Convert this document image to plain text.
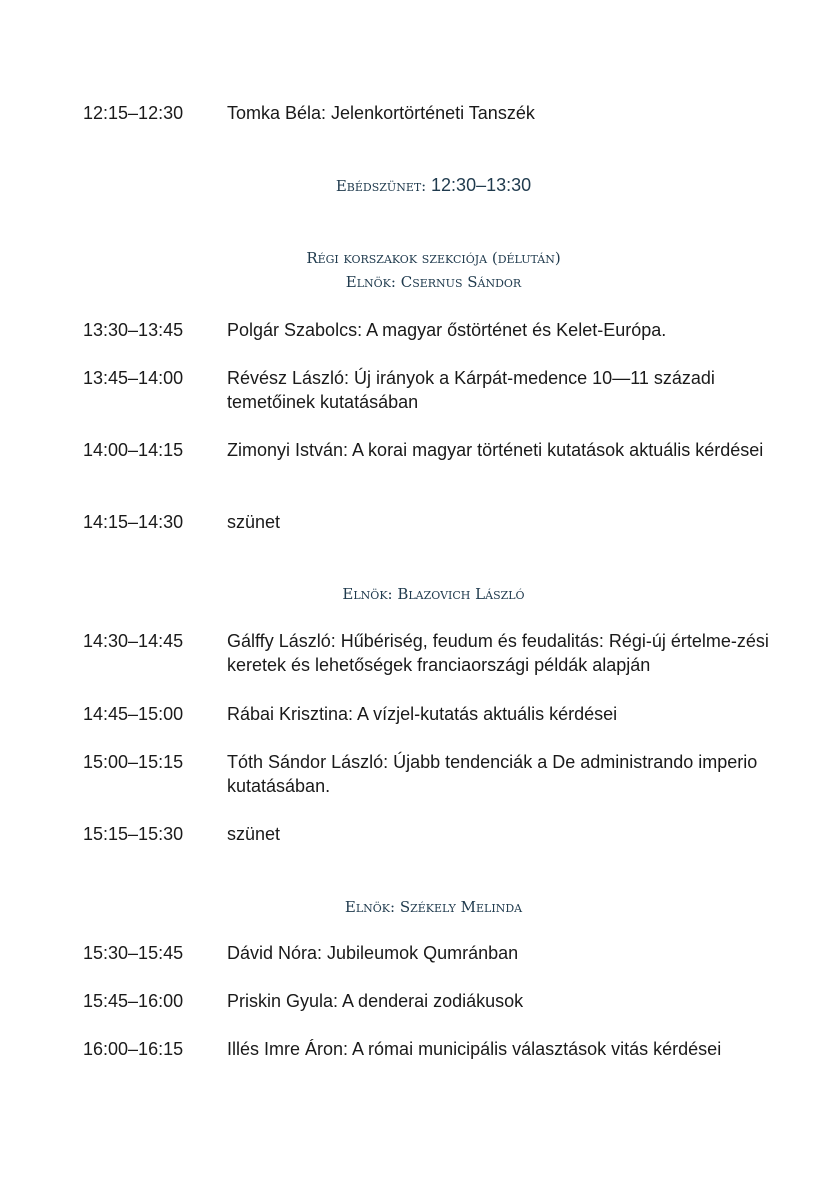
12:15–12:30	Tomka Béla: Jelenkortörténeti Tanszék
Ebédszünet: 12:30–13:30
Régi korszakok szekciója (délután)
Elnök: Csernus Sándor
13:30–13:45	Polgár Szabolcs: A magyar őstörténet és Kelet-Európa.
13:45–14:00	Révész László: Új irányok a Kárpát-medence 10—11 századi temetőinek kutatásában
14:00–14:15	Zimonyi István: A korai magyar történeti kutatások aktuális kérdései
14:15–14:30	szünet
Elnök: Blazovich László
14:30–14:45	Gálffy László: Hűbériség, feudum és feudalitás: Régi-új értelme-zési keretek és lehetőségek franciaországi példák alapján
14:45–15:00	Rábai Krisztina: A vízjel-kutatás aktuális kérdései
15:00–15:15	Tóth Sándor László: Újabb tendenciák a De administrando imperio kutatásában.
15:15–15:30	szünet
Elnök: Székely Melinda
15:30–15:45	Dávid Nóra: Jubileumok Qumránban
15:45–16:00	Priskin Gyula: A denderai zodiákusok
16:00–16:15	Illés Imre Áron: A római municipális választások vitás kérdései
